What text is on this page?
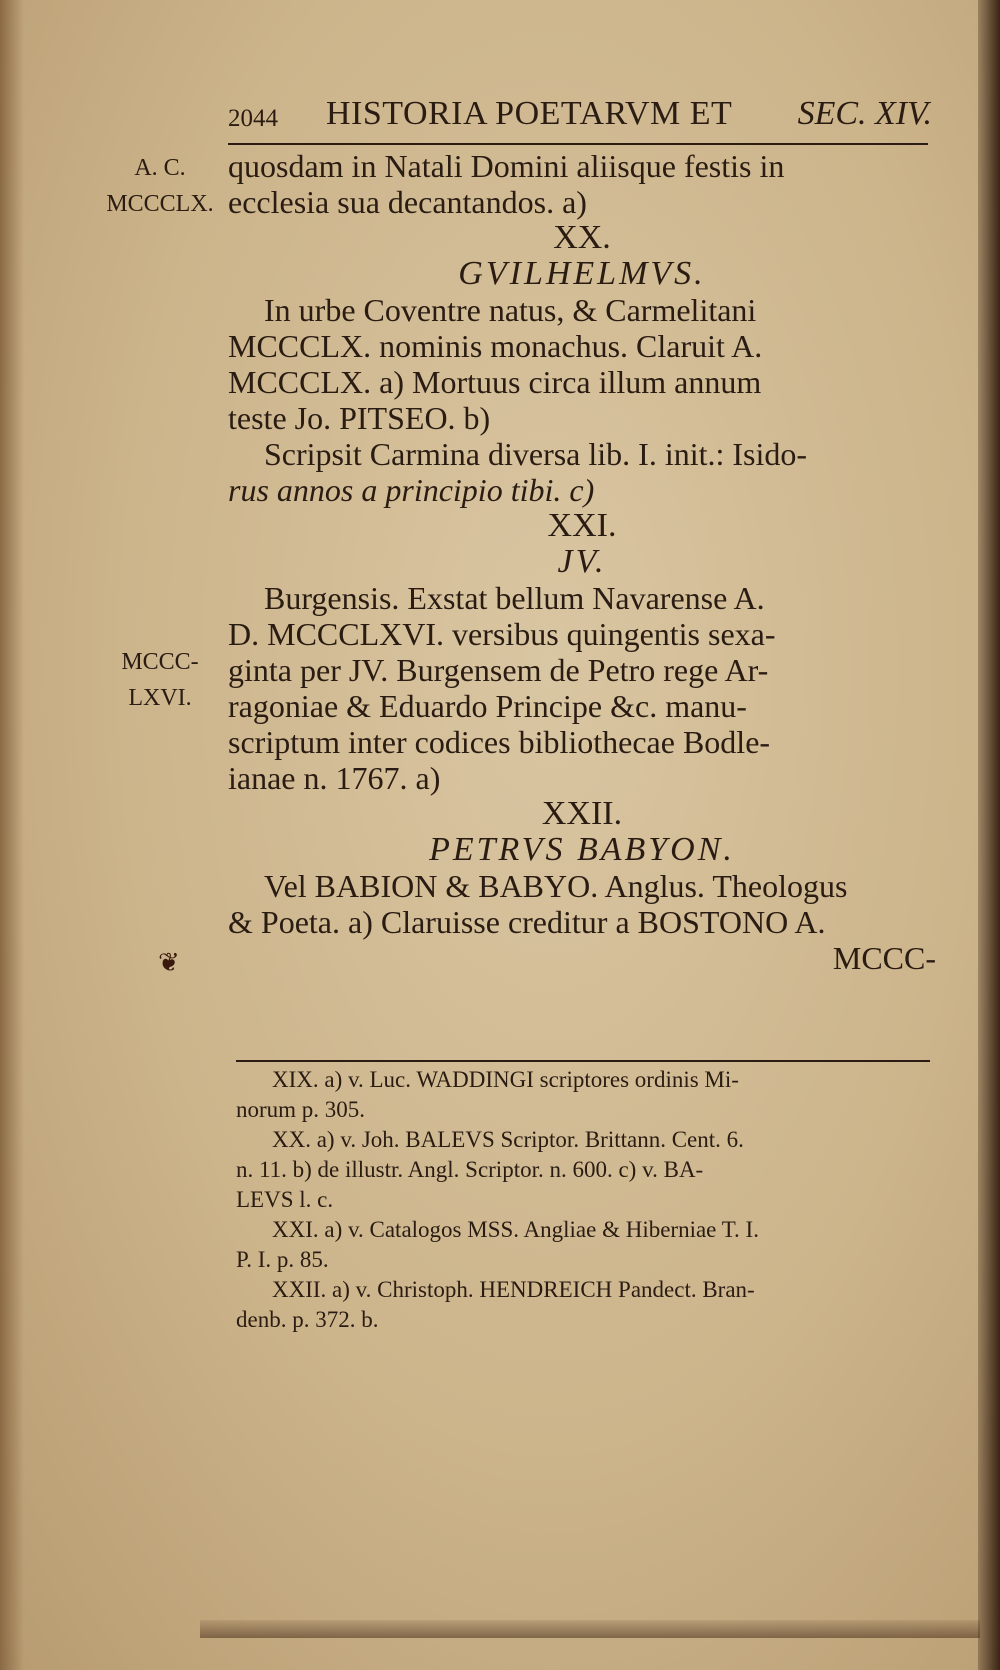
2044 HISTORIA POETARVM ET SEC. XIV.
A. C.
MCCCLX.
MCCC-
LXVI.
quosdam in Natali Domini aliisque festis in
ecclesia sua decantandos. a)
XX.
GVILHELMVS.
In urbe Coventre natus, & Carmelitani
MCCCLX. nominis monachus. Claruit A.
MCCCLX. a) Mortuus circa illum annum
teste Jo. PITSEO. b)
Scripsit Carmina diversa lib. I. init.: Isido-
rus annos a principio tibi. c)
XXI.
JV.
Burgensis. Exstat bellum Navarense A.
D. MCCCLXVI. versibus quingentis sexa-
ginta per JV. Burgensem de Petro rege Ar-
ragoniae & Eduardo Principe &c. manu-
scriptum inter codices bibliothecae Bodle-
ianae n. 1767. a)
XXII.
PETRVS BABYON.
Vel BABION & BABYO. Anglus. Theologus
& Poeta. a) Claruisse creditur a BOSTONO A.
MCCC-
❦
XIX. a) v. Luc. WADDINGI scriptores ordinis Mi-
norum p. 305.
XX. a) v. Joh. BALEVS Scriptor. Brittann. Cent. 6.
n. 11. b) de illustr. Angl. Scriptor. n. 600. c) v. BA-
LEVS l. c.
XXI. a) v. Catalogos MSS. Angliae & Hiberniae T. I.
P. I. p. 85.
XXII. a) v. Christoph. HENDREICH Pandect. Bran-
denb. p. 372. b.
